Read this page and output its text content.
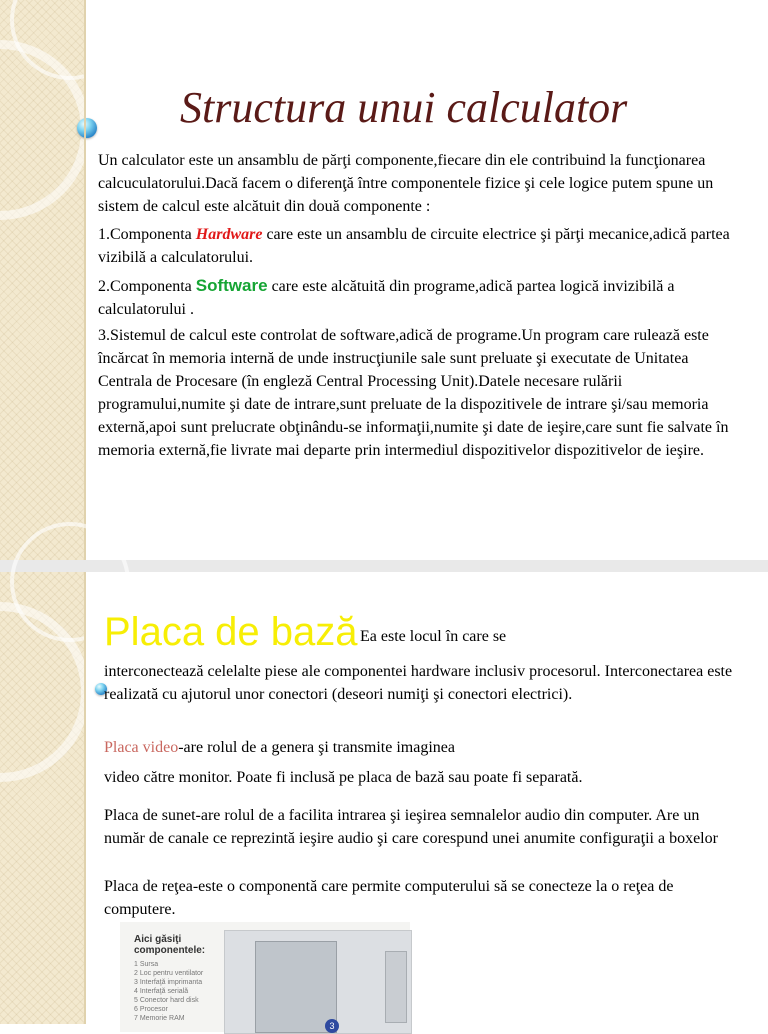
Structura unui calculator

Un calculator este un ansamblu de părţi componente,fiecare din ele contribuind la funcţionarea calcuculatorului.Dacă facem o diferenţă între componentele fizice şi cele logice putem spune un sistem de calcul este alcătuit din două componente :

1.Componenta Hardware care este un ansamblu de circuite electrice şi părţi mecanice,adică partea vizibilă a calculatorului.

2.Componenta Software care este alcătuită din programe,adică partea logică invizibilă a calculatorului .

3.Sistemul de calcul este controlat de software,adică de programe.Un program care rulează este încărcat în memoria internă de unde instrucţiunile sale sunt preluate şi executate de Unitatea Centrala de Procesare (în engleză Central Processing Unit).Datele necesare rulării programului,numite şi date de intrare,sunt preluate de la dispozitivele de intrare şi/sau memoria externă,apoi sunt prelucrate obţinându-se informaţii,numite şi date de ieşire,care sunt fie salvate în memoria externă,fie livrate mai departe prin intermediul dispozitivelor dispozitivelor de ieşire.

Placa de bază Ea este locul în care se

interconectează celelalte piese ale componentei hardware inclusiv procesorul. Interconectarea este realizată cu ajutorul unor conectori (deseori numiţi şi conectori electrici).

Placa video-are rolul de a genera şi transmite imaginea

video către monitor. Poate fi inclusă pe placa de bază sau poate fi separată.

Placa de sunet-are rolul de a facilita intrarea şi ieşirea semnalelor audio din computer. Are un număr de canale ce reprezintă ieşire audio şi care corespund unei anumite configuraţii a boxelor

Placa de reţea-este o componentă care permite computerului să se conecteze la o reţea de computere.

Aici găsiţi componentele:
1 Sursa
2 Loc pentru ventilator
3 Interfaţă imprimanta
4 Interfaţă serială
5 Conector hard disk
6 Procesor
7 Memorie RAM
3
